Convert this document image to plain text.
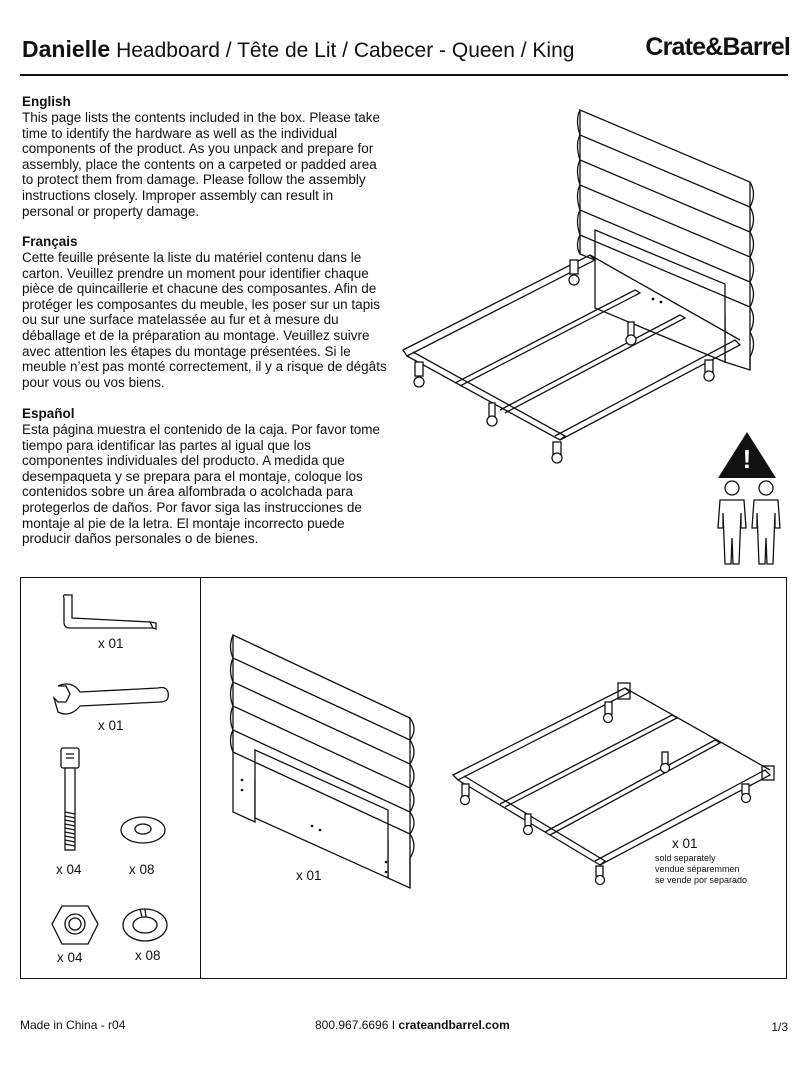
Danielle Headboard / Tête de Lit / Cabecer - Queen / King	Crate&Barrel
English
This page lists the contents included in the box. Please take time to identify the hardware as well as the individual components of the product. As you unpack and prepare for assembly, place the contents on a carpeted or padded area to protect them from damage. Please follow the assembly instructions closely. Improper assembly can result in personal or property damage.
Français
Cette feuille présente la liste du matériel contenu dans le carton. Veuillez prendre un moment pour identifier chaque pièce de quincaillerie et chacune des composantes. Afin de protéger les composantes du meuble, les poser sur un tapis ou sur une surface matelassée au fur et à mesure du déballage et de la préparation au montage. Veuillez suivre avec attention les étapes du montage présentées. Si le meuble n’est pas monté correctement, il y a risque de dégâts pour vous ou vos biens.
Español
Esta página muestra el contenido de la caja. Por favor tome tiempo para identificar las partes al igual que los componentes individuales del producto. A medida que desempaqueta y se prepara para el montaje, coloque los contenidos sobre un área alfombrada o acolchada para protegerlos de daños. Por favor siga las instrucciones de montaje al pie de la letra. El montaje incorrecto puede producir daños personales o de bienes.
!
x 01
x 01
x 04	x 08
x 04	x 08
x 01
x 01
sold separately
vendue séparemmen
se vende por separado
Made in China - r04	800.967.6696 I crateandbarrel.com	1/3
